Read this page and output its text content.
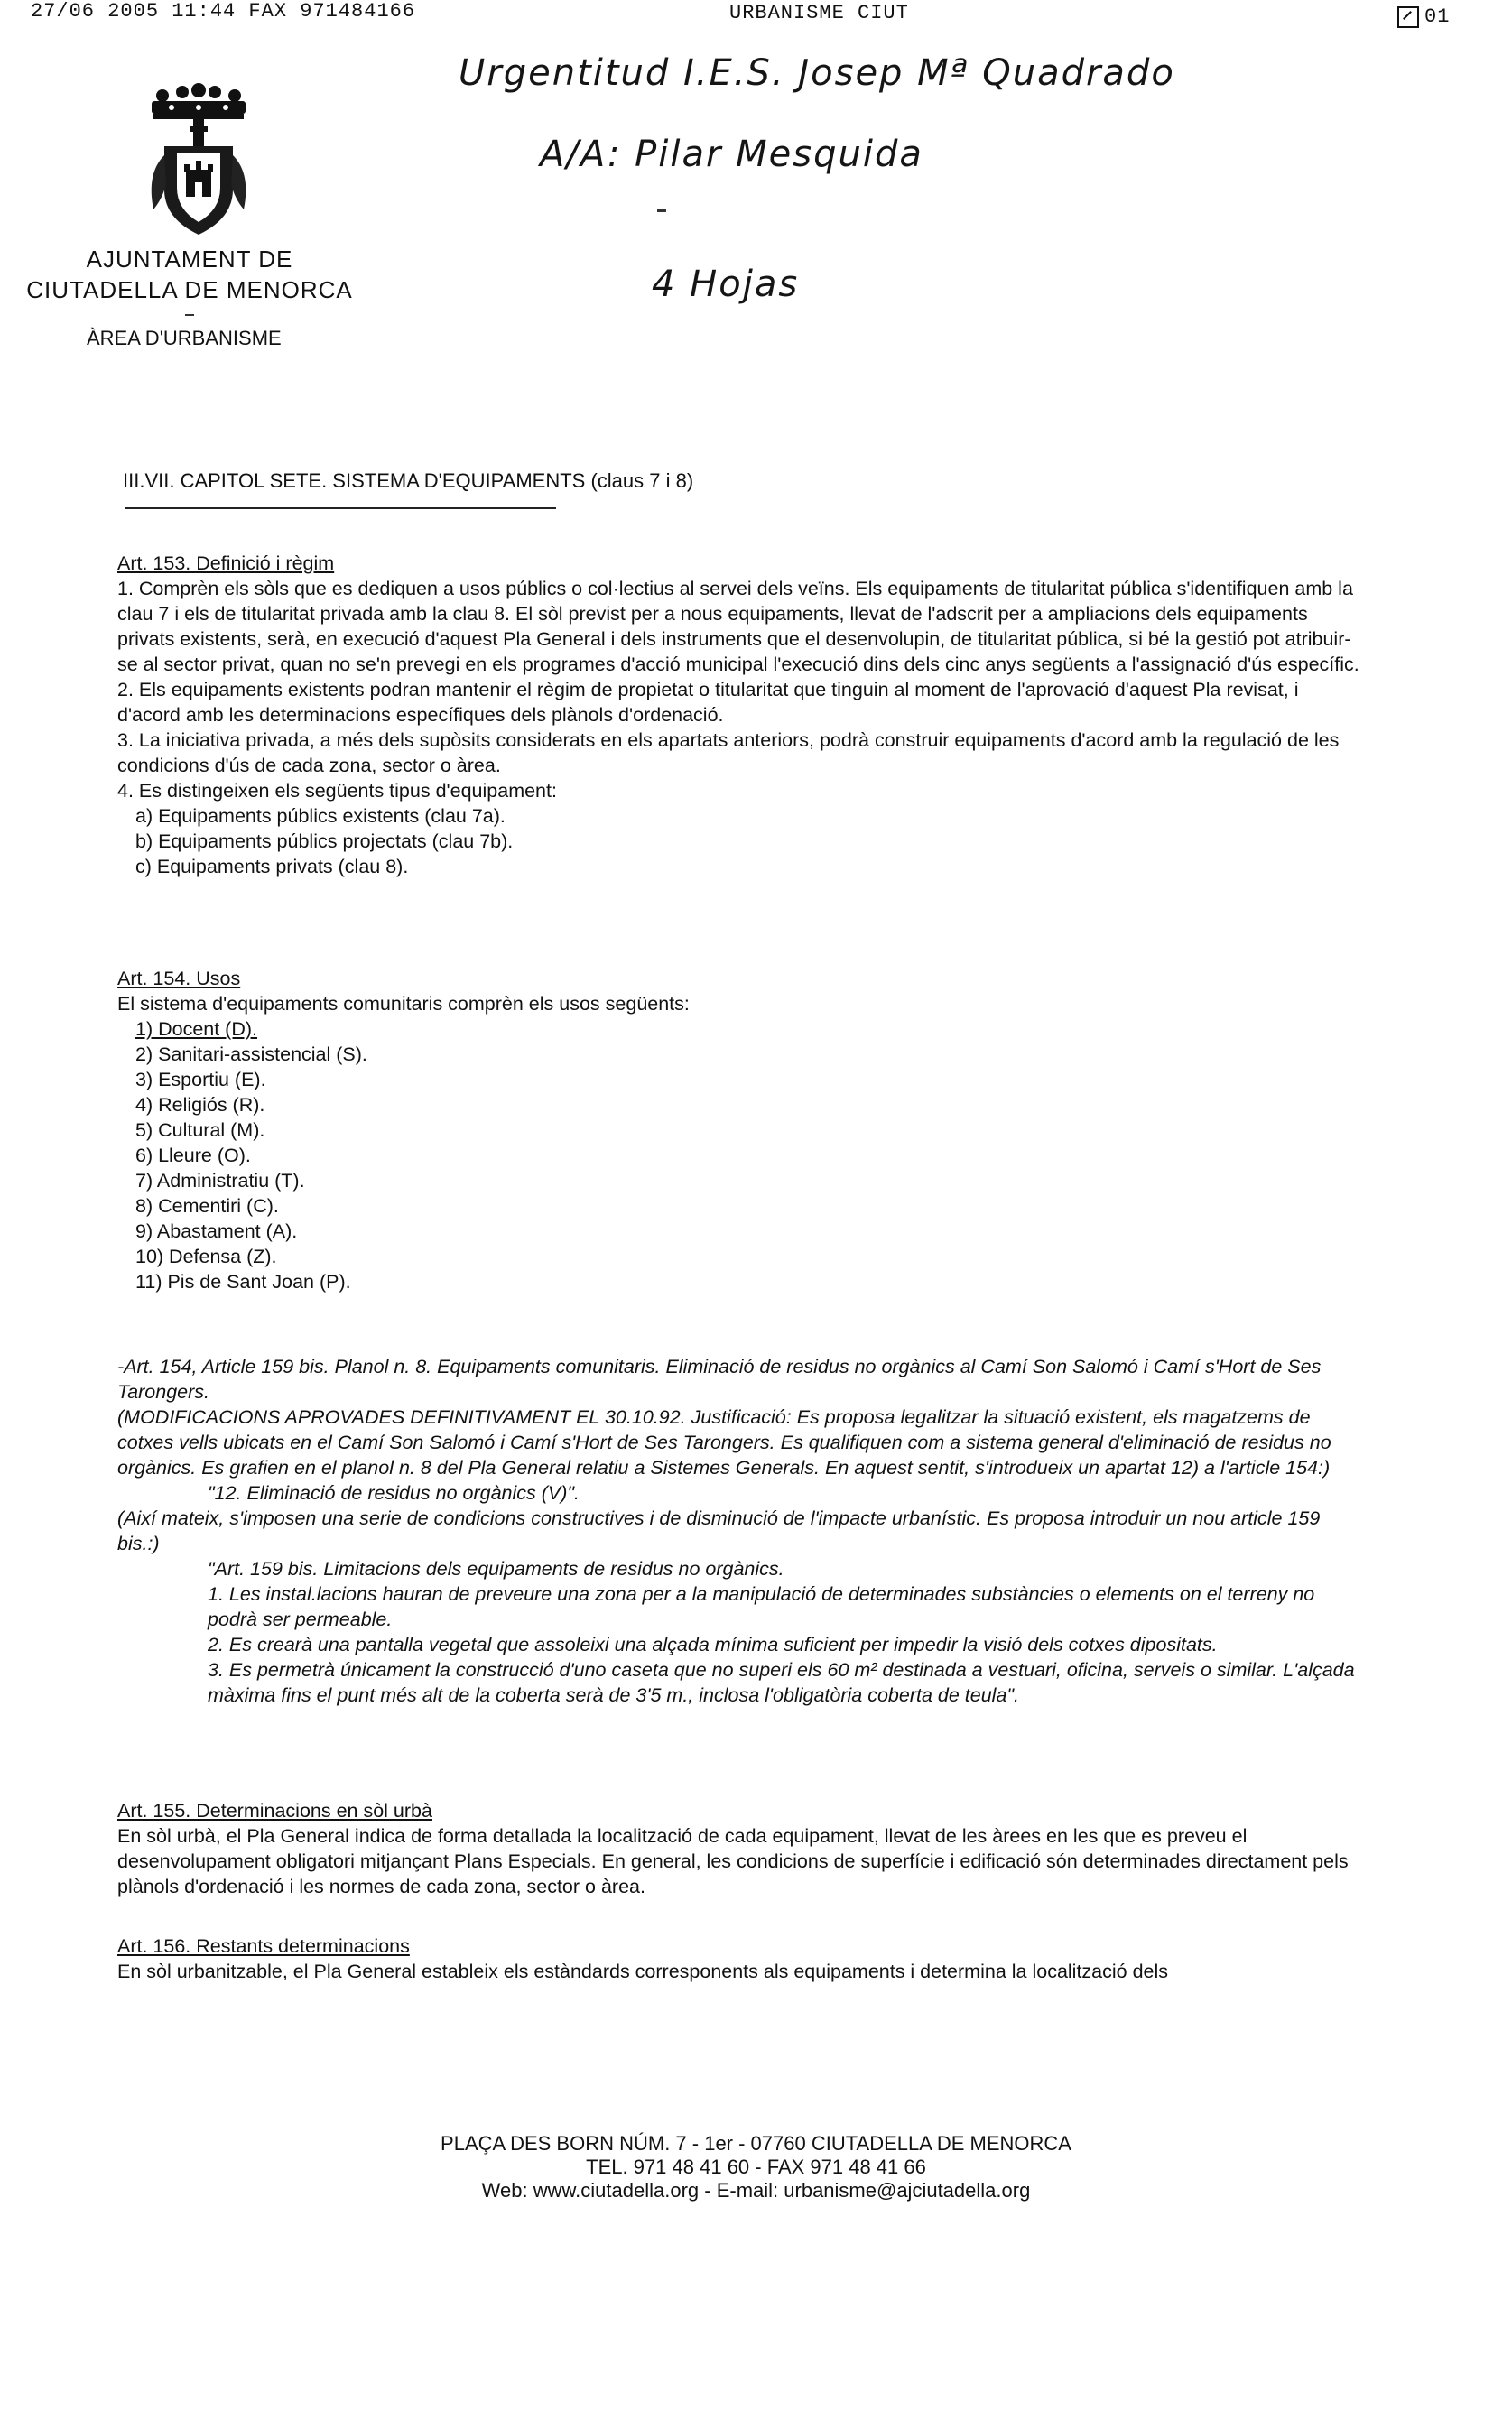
27/06 2005 11:44 FAX 971484166	URBANISME CIUT	01
Urgentitud I.E.S. Josep Mª Quadrado
A/A: Pilar Mesquida
4 Hojas
AJUNTAMENT DE
CIUTADELLA DE MENORCA
ÀREA D'URBANISME
III.VII. CAPITOL SETE. SISTEMA D'EQUIPAMENTS (claus 7 i 8)

Art. 153. Definició i règim

1. Comprèn els sòls que es dediquen a usos públics o col·lectius al servei dels veïns. Els equipaments de titularitat pública s'identifiquen amb la clau 7 i els de titularitat privada amb la clau 8. El sòl previst per a nous equipaments, llevat de l'adscrit per a ampliacions dels equipaments privats existents, serà, en execució d'aquest Pla General i dels instruments que el desenvolupin, de titularitat pública, si bé la gestió pot atribuir-se al sector privat, quan no se'n prevegi en els programes d'acció municipal l'execució dins dels cinc anys següents a l'assignació d'ús específic.

2. Els equipaments existents podran mantenir el règim de propietat o titularitat que tinguin al moment de l'aprovació d'aquest Pla revisat, i d'acord amb les determinacions específiques dels plànols d'ordenació.

3. La iniciativa privada, a més dels supòsits considerats en els apartats anteriors, podrà construir equipaments d'acord amb la regulació de les condicions d'ús de cada zona, sector o àrea.

4. Es distingeixen els següents tipus d'equipament:

a) Equipaments públics existents (clau 7a).

b) Equipaments públics projectats (clau 7b).

c) Equipaments privats (clau 8).

Art. 154. Usos

El sistema d'equipaments comunitaris comprèn els usos següents:

1) Docent (D).

2) Sanitari-assistencial (S).

3) Esportiu (E).

4) Religiós (R).

5) Cultural (M).

6) Lleure (O).

7) Administratiu (T).

8) Cementiri (C).

9) Abastament (A).

10) Defensa (Z).

11) Pis de Sant Joan (P).

-Art. 154, Article 159 bis. Planol n. 8. Equipaments comunitaris. Eliminació de residus no orgànics al Camí Son Salomó i Camí s'Hort de Ses Tarongers.

(MODIFICACIONS APROVADES DEFINITIVAMENT EL 30.10.92. Justificació: Es proposa legalitzar la situació existent, els magatzems de cotxes vells ubicats en el Camí Son Salomó i Camí s'Hort de Ses Tarongers. Es qualifiquen com a sistema general d'eliminació de residus no orgànics. Es grafien en el planol n. 8 del Pla General relatiu a Sistemes Generals. En aquest sentit, s'introdueix un apartat 12) a l'article 154:)

"12. Eliminació de residus no orgànics (V)".

(Així mateix, s'imposen una serie de condicions constructives i de disminució de l'impacte urbanístic. Es proposa introduir un nou article 159 bis.:)

"Art. 159 bis. Limitacions dels equipaments de residus no orgànics.

1. Les instal.lacions hauran de preveure una zona per a la manipulació de determinades substàncies o elements on el terreny no podrà ser permeable.

2. Es crearà una pantalla vegetal que assoleixi una alçada mínima suficient per impedir la visió dels cotxes dipositats.

3. Es permetrà únicament la construcció d'uno caseta que no superi els 60 m² destinada a vestuari, oficina, serveis o similar. L'alçada màxima fins el punt més alt de la coberta serà de 3'5 m., inclosa l'obligatòria coberta de teula".

Art. 155. Determinacions en sòl urbà

En sòl urbà, el Pla General indica de forma detallada la localització de cada equipament, llevat de les àrees en les que es preveu el desenvolupament obligatori mitjançant Plans Especials. En general, les condicions de superfície i edificació són determinades directament pels plànols d'ordenació i les normes de cada zona, sector o àrea.

Art. 156. Restants determinacions

En sòl urbanitzable, el Pla General estableix els estàndards corresponents als equipaments i determina la localització dels

PLAÇA DES BORN NÚM. 7 - 1er - 07760 CIUTADELLA DE MENORCA
TEL. 971 48 41 60 - FAX 971 48 41 66
Web: www.ciutadella.org - E-mail: urbanisme@ajciutadella.org
